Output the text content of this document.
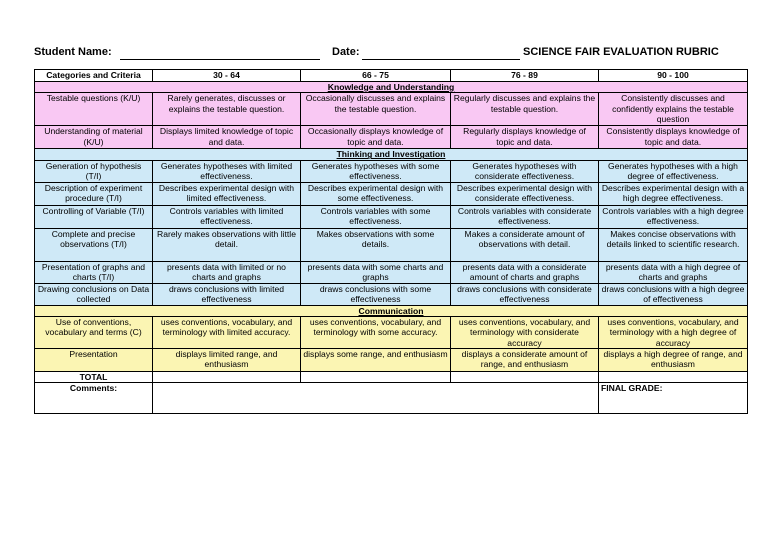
Student Name:	Date:	SCIENCE FAIR EVALUATION RUBRIC
Categories and Criteria	30 - 64	66 - 75	76 - 89	90 - 100
Knowledge and Understanding				
Testable questions (K/U)	Rarely generates, discusses or explains the testable question.	Occasionally discusses and explains the testable question.	Regularly discusses and explains the testable question.	Consistently discusses and confidently explains the testable question
Understanding of material (K/U)	Displays limited knowledge of topic and data.	Occasionally displays knowledge of topic and data.	Regularly displays knowledge of topic and data.	Consistently displays knowledge of topic and data.
Thinking and Investigation				
Generation of hypothesis (T/I)	Generates hypotheses with limited effectiveness.	Generates hypotheses with some effectiveness.	Generates hypotheses with considerate effectiveness.	Generates hypotheses with a high degree of effectiveness.
Description of experiment procedure (T/I)	Describes experimental design with limited effectiveness.	Describes experimental design with some effectiveness.	Describes experimental design with considerate effectiveness.	Describes experimental design with a high degree effectiveness.
Controlling of Variable (T/I)	Controls variables with limited effectiveness.	Controls variables with some effectiveness.	Controls variables with considerate effectiveness.	Controls variables with a high degree effectiveness.
Complete and precise observations (T/I)	Rarely makes observations with little detail.	Makes observations with some details.	Makes a considerate amount of observations with detail.	Makes concise observations with details linked to scientific research.
Presentation of graphs and charts (T/I)	presents data with limited or no charts and graphs	presents data with some charts and graphs	presents data with a considerate amount of charts and graphs	presents data with a high degree of charts and graphs
Drawing conclusions on Data collected	draws conclusions with limited effectiveness	draws conclusions with some effectiveness	draws conclusions with considerate effectiveness	draws conclusions with a high degree of effectiveness
Communication				
Use of conventions, vocabulary and terms (C)	uses conventions, vocabulary, and terminology with limited accuracy.	uses conventions, vocabulary, and terminology with some accuracy.	uses conventions, vocabulary, and terminology with considerate accuracy	uses conventions, vocabulary, and terminology with a high degree of accuracy
Presentation	displays limited range, and enthusiasm	displays some range, and enthusiasm	displays a considerate amount of range, and enthusiasm	displays a high degree of range, and enthusiasm
TOTAL				
Comments:				FINAL GRADE:
